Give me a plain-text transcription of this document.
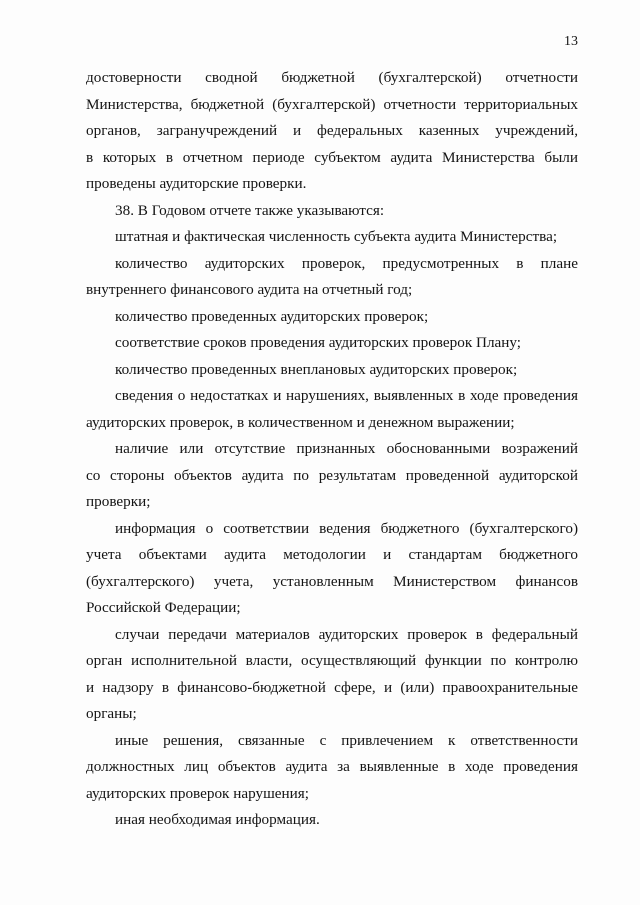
13
достоверности сводной бюджетной (бухгалтерской) отчетности
Министерства, бюджетной (бухгалтерской) отчетности территориальных
органов, загранучреждений и федеральных казенных учреждений,
в которых в отчетном периоде субъектом аудита Министерства были
проведены аудиторские проверки.
38. В Годовом отчете также указываются:
штатная и фактическая численность субъекта аудита Министерства;
количество аудиторских проверок, предусмотренных в плане
внутреннего финансового аудита на отчетный год;
количество проведенных аудиторских проверок;
соответствие сроков проведения аудиторских проверок Плану;
количество проведенных внеплановых аудиторских проверок;
сведения о недостатках и нарушениях, выявленных в ходе проведения
аудиторских проверок, в количественном и денежном выражении;
наличие или отсутствие признанных обоснованными возражений
со стороны объектов аудита по результатам проведенной аудиторской
проверки;
информация о соответствии ведения бюджетного (бухгалтерского)
учета объектами аудита методологии и стандартам бюджетного
(бухгалтерского) учета, установленным Министерством финансов
Российской Федерации;
случаи передачи материалов аудиторских проверок в федеральный
орган исполнительной власти, осуществляющий функции по контролю
и надзору в финансово-бюджетной сфере, и (или) правоохранительные
органы;
иные решения, связанные с привлечением к ответственности
должностных лиц объектов аудита за выявленные в ходе проведения
аудиторских проверок нарушения;
иная необходимая информация.
